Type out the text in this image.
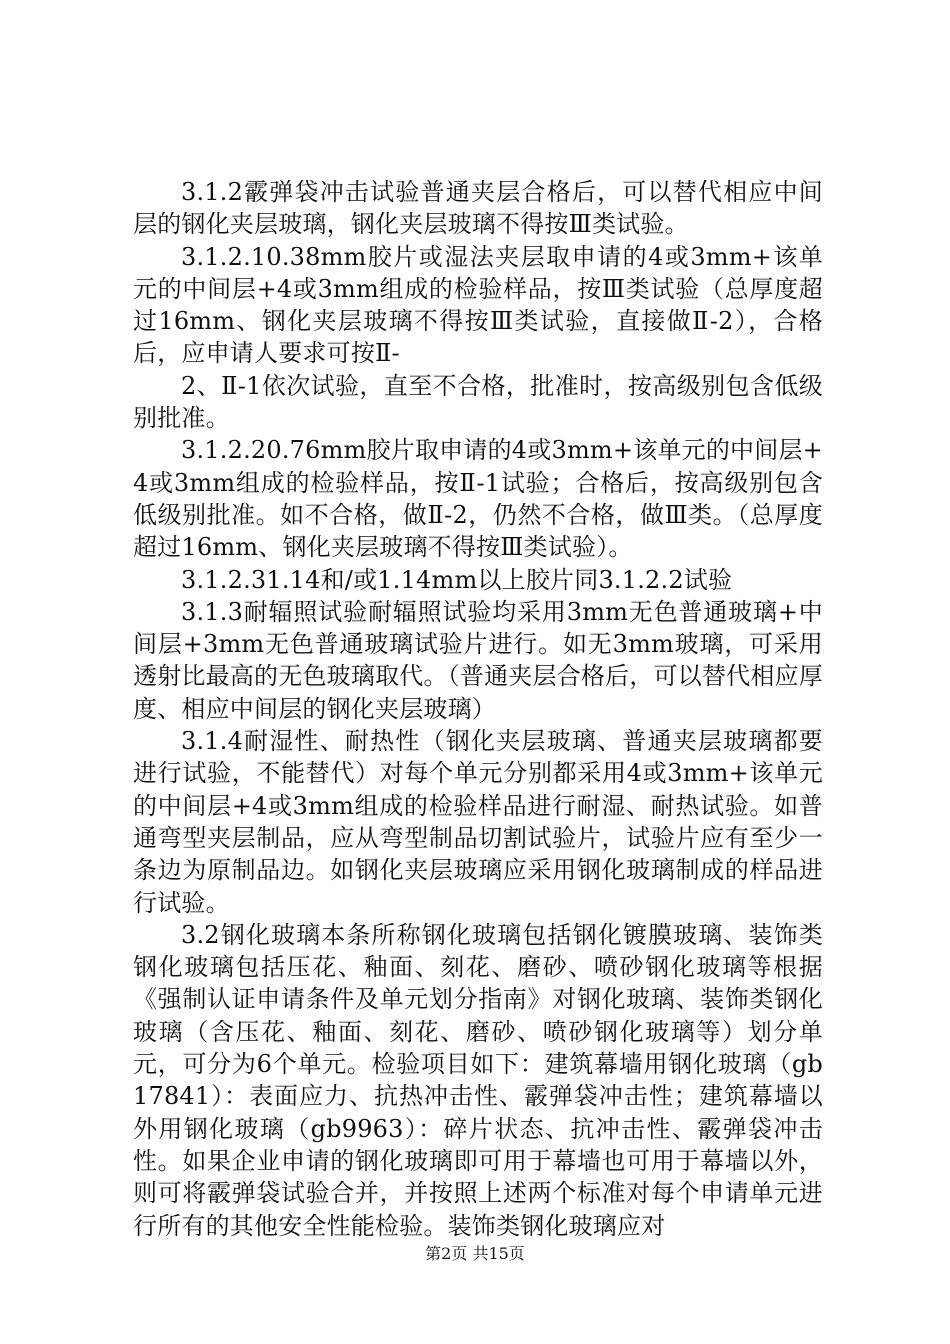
3.1.2霰弹袋冲击试验普通夹层合格后，可以替代相应中间层的钢化夹层玻璃，钢化夹层玻璃不得按Ⅲ类试验。

3.1.2.10.38mm胶片或湿法夹层取申请的4或3mm+该单元的中间层+4或3mm组成的检验样品，按Ⅲ类试验（总厚度超过16mm、钢化夹层玻璃不得按Ⅲ类试验，直接做Ⅱ-2），合格后，应申请人要求可按Ⅱ-

2、Ⅱ-1依次试验，直至不合格，批准时，按高级别包含低级别批准。

3.1.2.20.76mm胶片取申请的4或3mm+该单元的中间层+4或3mm组成的检验样品，按Ⅱ-1试验；合格后，按高级别包含低级别批准。如不合格，做Ⅱ-2，仍然不合格，做Ⅲ类。（总厚度超过16mm、钢化夹层玻璃不得按Ⅲ类试验）。

3.1.2.31.14和/或1.14mm以上胶片同3.1.2.2试验

3.1.3耐辐照试验耐辐照试验均采用3mm无色普通玻璃+中间层+3mm无色普通玻璃试验片进行。如无3mm玻璃，可采用透射比最高的无色玻璃取代。（普通夹层合格后，可以替代相应厚度、相应中间层的钢化夹层玻璃）

3.1.4耐湿性、耐热性（钢化夹层玻璃、普通夹层玻璃都要进行试验，不能替代）对每个单元分别都采用4或3mm+该单元的中间层+4或3mm组成的检验样品进行耐湿、耐热试验。如普通弯型夹层制品，应从弯型制品切割试验片，试验片应有至少一条边为原制品边。如钢化夹层玻璃应采用钢化玻璃制成的样品进行试验。

3.2钢化玻璃本条所称钢化玻璃包括钢化镀膜玻璃、装饰类钢化玻璃包括压花、釉面、刻花、磨砂、喷砂钢化玻璃等根据《强制认证申请条件及单元划分指南》对钢化玻璃、装饰类钢化玻璃（含压花、釉面、刻花、磨砂、喷砂钢化玻璃等）划分单元，可分为6个单元。检验项目如下：建筑幕墙用钢化玻璃（gb17841）：表面应力、抗热冲击性、霰弹袋冲击性；建筑幕墙以外用钢化玻璃（gb9963）：碎片状态、抗冲击性、霰弹袋冲击性。如果企业申请的钢化玻璃即可用于幕墙也可用于幕墙以外，则可将霰弹袋试验合并，并按照上述两个标准对每个申请单元进行所有的其他安全性能检验。装饰类钢化玻璃应对

第2页 共15页
